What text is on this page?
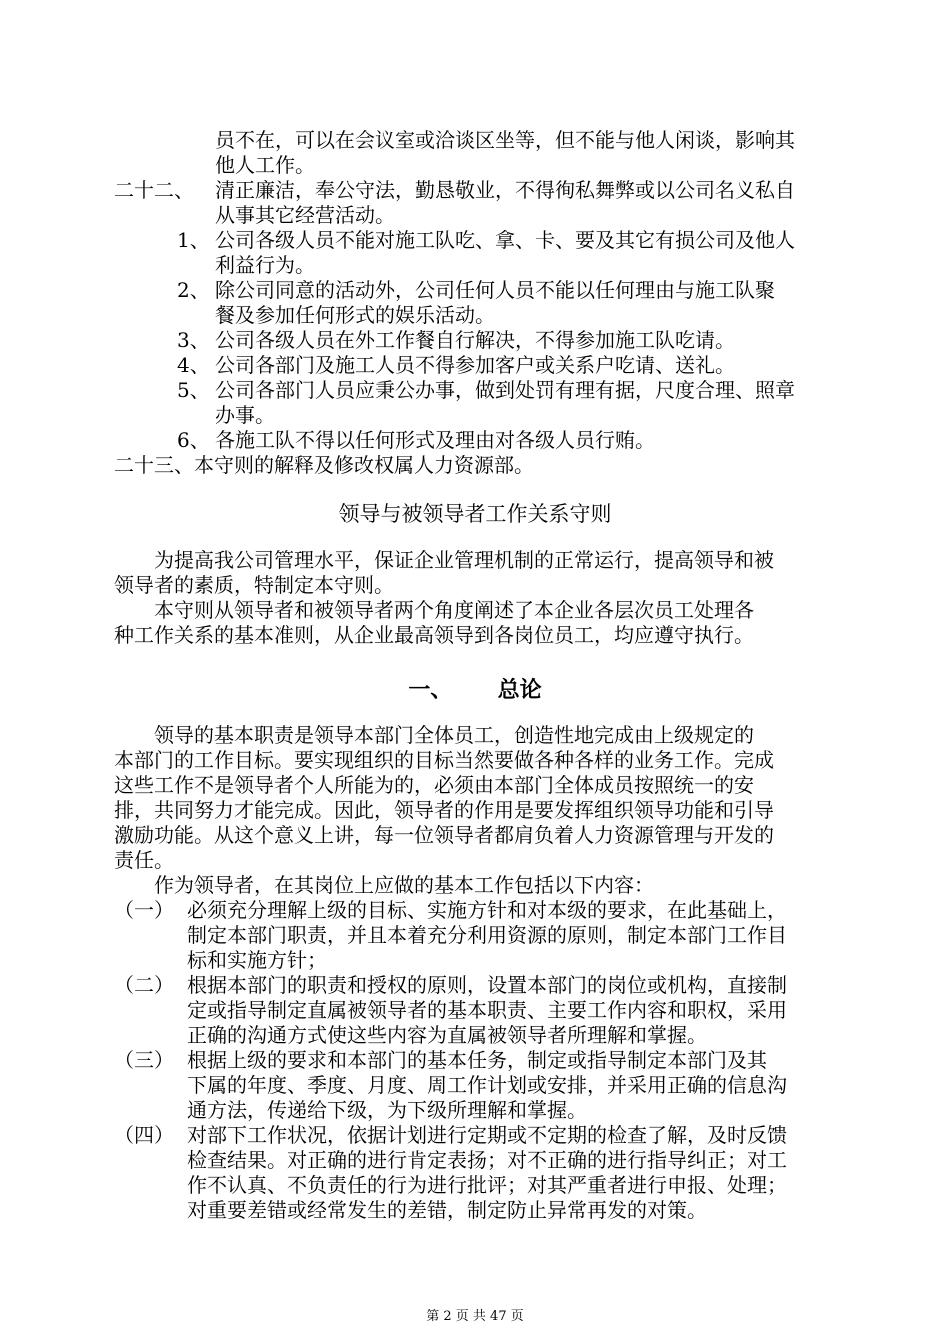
员不在，可以在会议室或洽谈区坐等，但不能与他人闲谈，影响其
他人工作。
二十二、 清正廉洁，奉公守法，勤恳敬业，不得徇私舞弊或以公司名义私自
从事其它经营活动。
1、 公司各级人员不能对施工队吃、拿、卡、要及其它有损公司及他人
利益行为。
2、 除公司同意的活动外，公司任何人员不能以任何理由与施工队聚
餐及参加任何形式的娱乐活动。
3、 公司各级人员在外工作餐自行解决，不得参加施工队吃请。
4、 公司各部门及施工人员不得参加客户或关系户吃请、送礼。
5、 公司各部门人员应秉公办事，做到处罚有理有据，尺度合理、照章
办事。
6、 各施工队不得以任何形式及理由对各级人员行贿。
二十三、本守则的解释及修改权属人力资源部。
领导与被领导者工作关系守则
为提高我公司管理水平，保证企业管理机制的正常运行，提高领导和被
领导者的素质，特制定本守则。
本守则从领导者和被领导者两个角度阐述了本企业各层次员工处理各
种工作关系的基本准则，从企业最高领导到各岗位员工，均应遵守执行。
一、 总论
领导的基本职责是领导本部门全体员工，创造性地完成由上级规定的
本部门的工作目标。要实现组织的目标当然要做各种各样的业务工作。完成
这些工作不是领导者个人所能为的，必须由本部门全体成员按照统一的安
排，共同努力才能完成。因此，领导者的作用是要发挥组织领导功能和引导
激励功能。从这个意义上讲，每一位领导者都肩负着人力资源管理与开发的
责任。
作为领导者，在其岗位上应做的基本工作包括以下内容：
（一） 必须充分理解上级的目标、实施方针和对本级的要求，在此基础上，
制定本部门职责，并且本着充分利用资源的原则，制定本部门工作目
标和实施方针；
（二） 根据本部门的职责和授权的原则，设置本部门的岗位或机构，直接制
定或指导制定直属被领导者的基本职责、主要工作内容和职权，采用
正确的沟通方式使这些内容为直属被领导者所理解和掌握。
（三） 根据上级的要求和本部门的基本任务，制定或指导制定本部门及其
下属的年度、季度、月度、周工作计划或安排，并采用正确的信息沟
通方法，传递给下级，为下级所理解和掌握。
（四） 对部下工作状况，依据计划进行定期或不定期的检查了解，及时反馈
检查结果。对正确的进行肯定表扬；对不正确的进行指导纠正；对工
作不认真、不负责任的行为进行批评；对其严重者进行申报、处理；
对重要差错或经常发生的差错，制定防止异常再发的对策。
第 2 页 共 47 页
